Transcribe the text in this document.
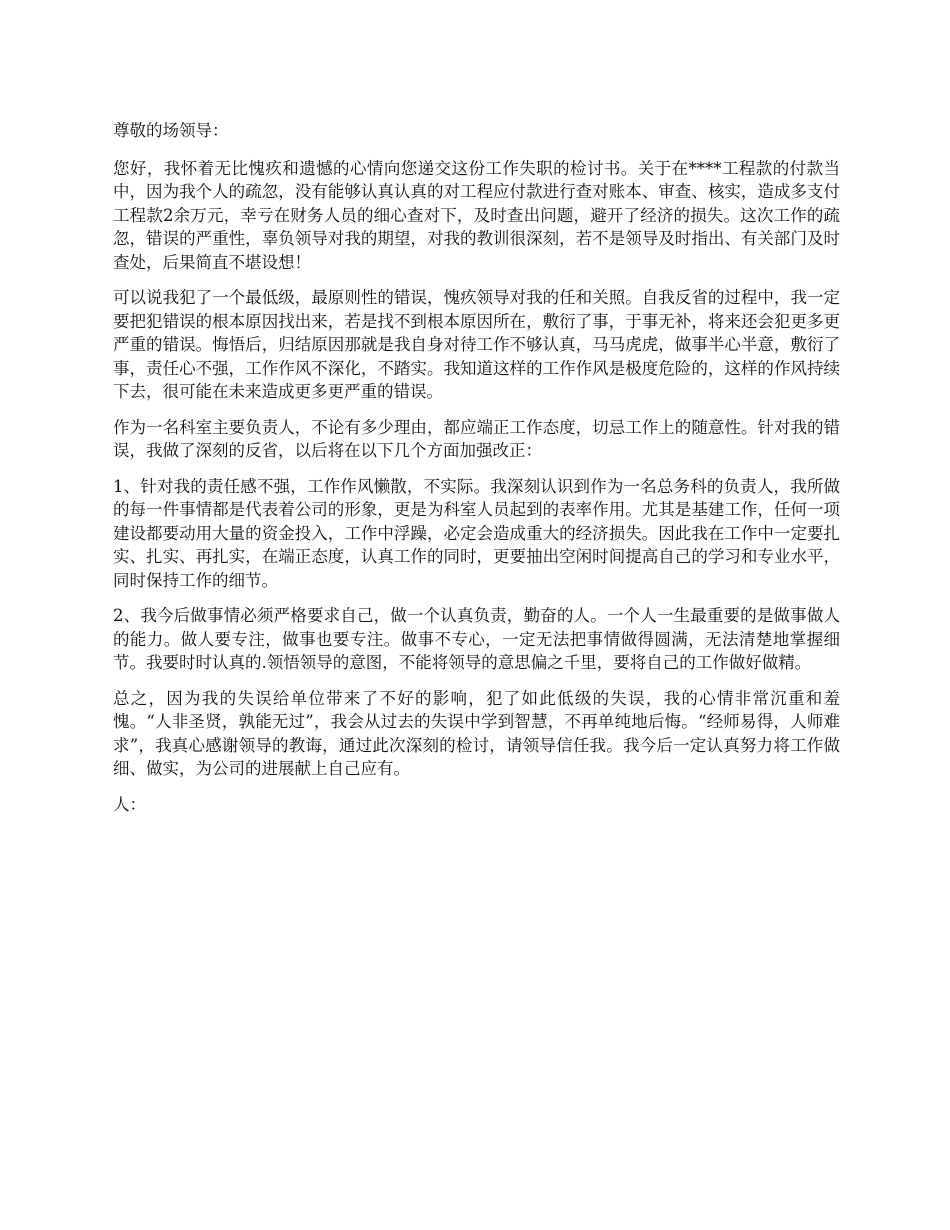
尊敬的场领导：

您好，我怀着无比愧疚和遗憾的心情向您递交这份工作失职的检讨书。关于在****工程款的付款当中，因为我个人的疏忽，没有能够认真认真的对工程应付款进行查对账本、审查、核实，造成多支付工程款2余万元，幸亏在财务人员的细心查对下，及时查出问题，避开了经济的损失。这次工作的疏忽，错误的严重性，辜负领导对我的期望，对我的教训很深刻，若不是领导及时指出、有关部门及时查处，后果简直不堪设想！

可以说我犯了一个最低级，最原则性的错误，愧疚领导对我的任和关照。自我反省的过程中，我一定要把犯错误的根本原因找出来，若是找不到根本原因所在，敷衍了事，于事无补，将来还会犯更多更严重的错误。悔悟后，归结原因那就是我自身对待工作不够认真，马马虎虎，做事半心半意，敷衍了事，责任心不强，工作作风不深化，不踏实。我知道这样的工作作风是极度危险的，这样的作风持续下去，很可能在未来造成更多更严重的错误。

作为一名科室主要负责人，不论有多少理由，都应端正工作态度，切忌工作上的随意性。针对我的错误，我做了深刻的反省，以后将在以下几个方面加强改正：

1、针对我的责任感不强，工作作风懒散，不实际。我深刻认识到作为一名总务科的负责人，我所做的每一件事情都是代表着公司的形象，更是为科室人员起到的表率作用。尤其是基建工作，任何一项建设都要动用大量的资金投入，工作中浮躁，必定会造成重大的经济损失。因此我在工作中一定要扎实、扎实、再扎实，在端正态度，认真工作的同时，更要抽出空闲时间提高自己的学习和专业水平，同时保持工作的细节。

2、我今后做事情必须严格要求自己，做一个认真负责，勤奋的人。一个人一生最重要的是做事做人的能力。做人要专注，做事也要专注。做事不专心，一定无法把事情做得圆满，无法清楚地掌握细节。我要时时认真的.领悟领导的意图，不能将领导的意思偏之千里，要将自己的工作做好做精。

总之，因为我的失误给单位带来了不好的影响，犯了如此低级的失误，我的心情非常沉重和羞愧。“人非圣贤，孰能无过”，我会从过去的失误中学到智慧，不再单纯地后悔。“经师易得，人师难求”，我真心感谢领导的教诲，通过此次深刻的检讨，请领导信任我。我今后一定认真努力将工作做细、做实，为公司的进展献上自己应有。

人：
